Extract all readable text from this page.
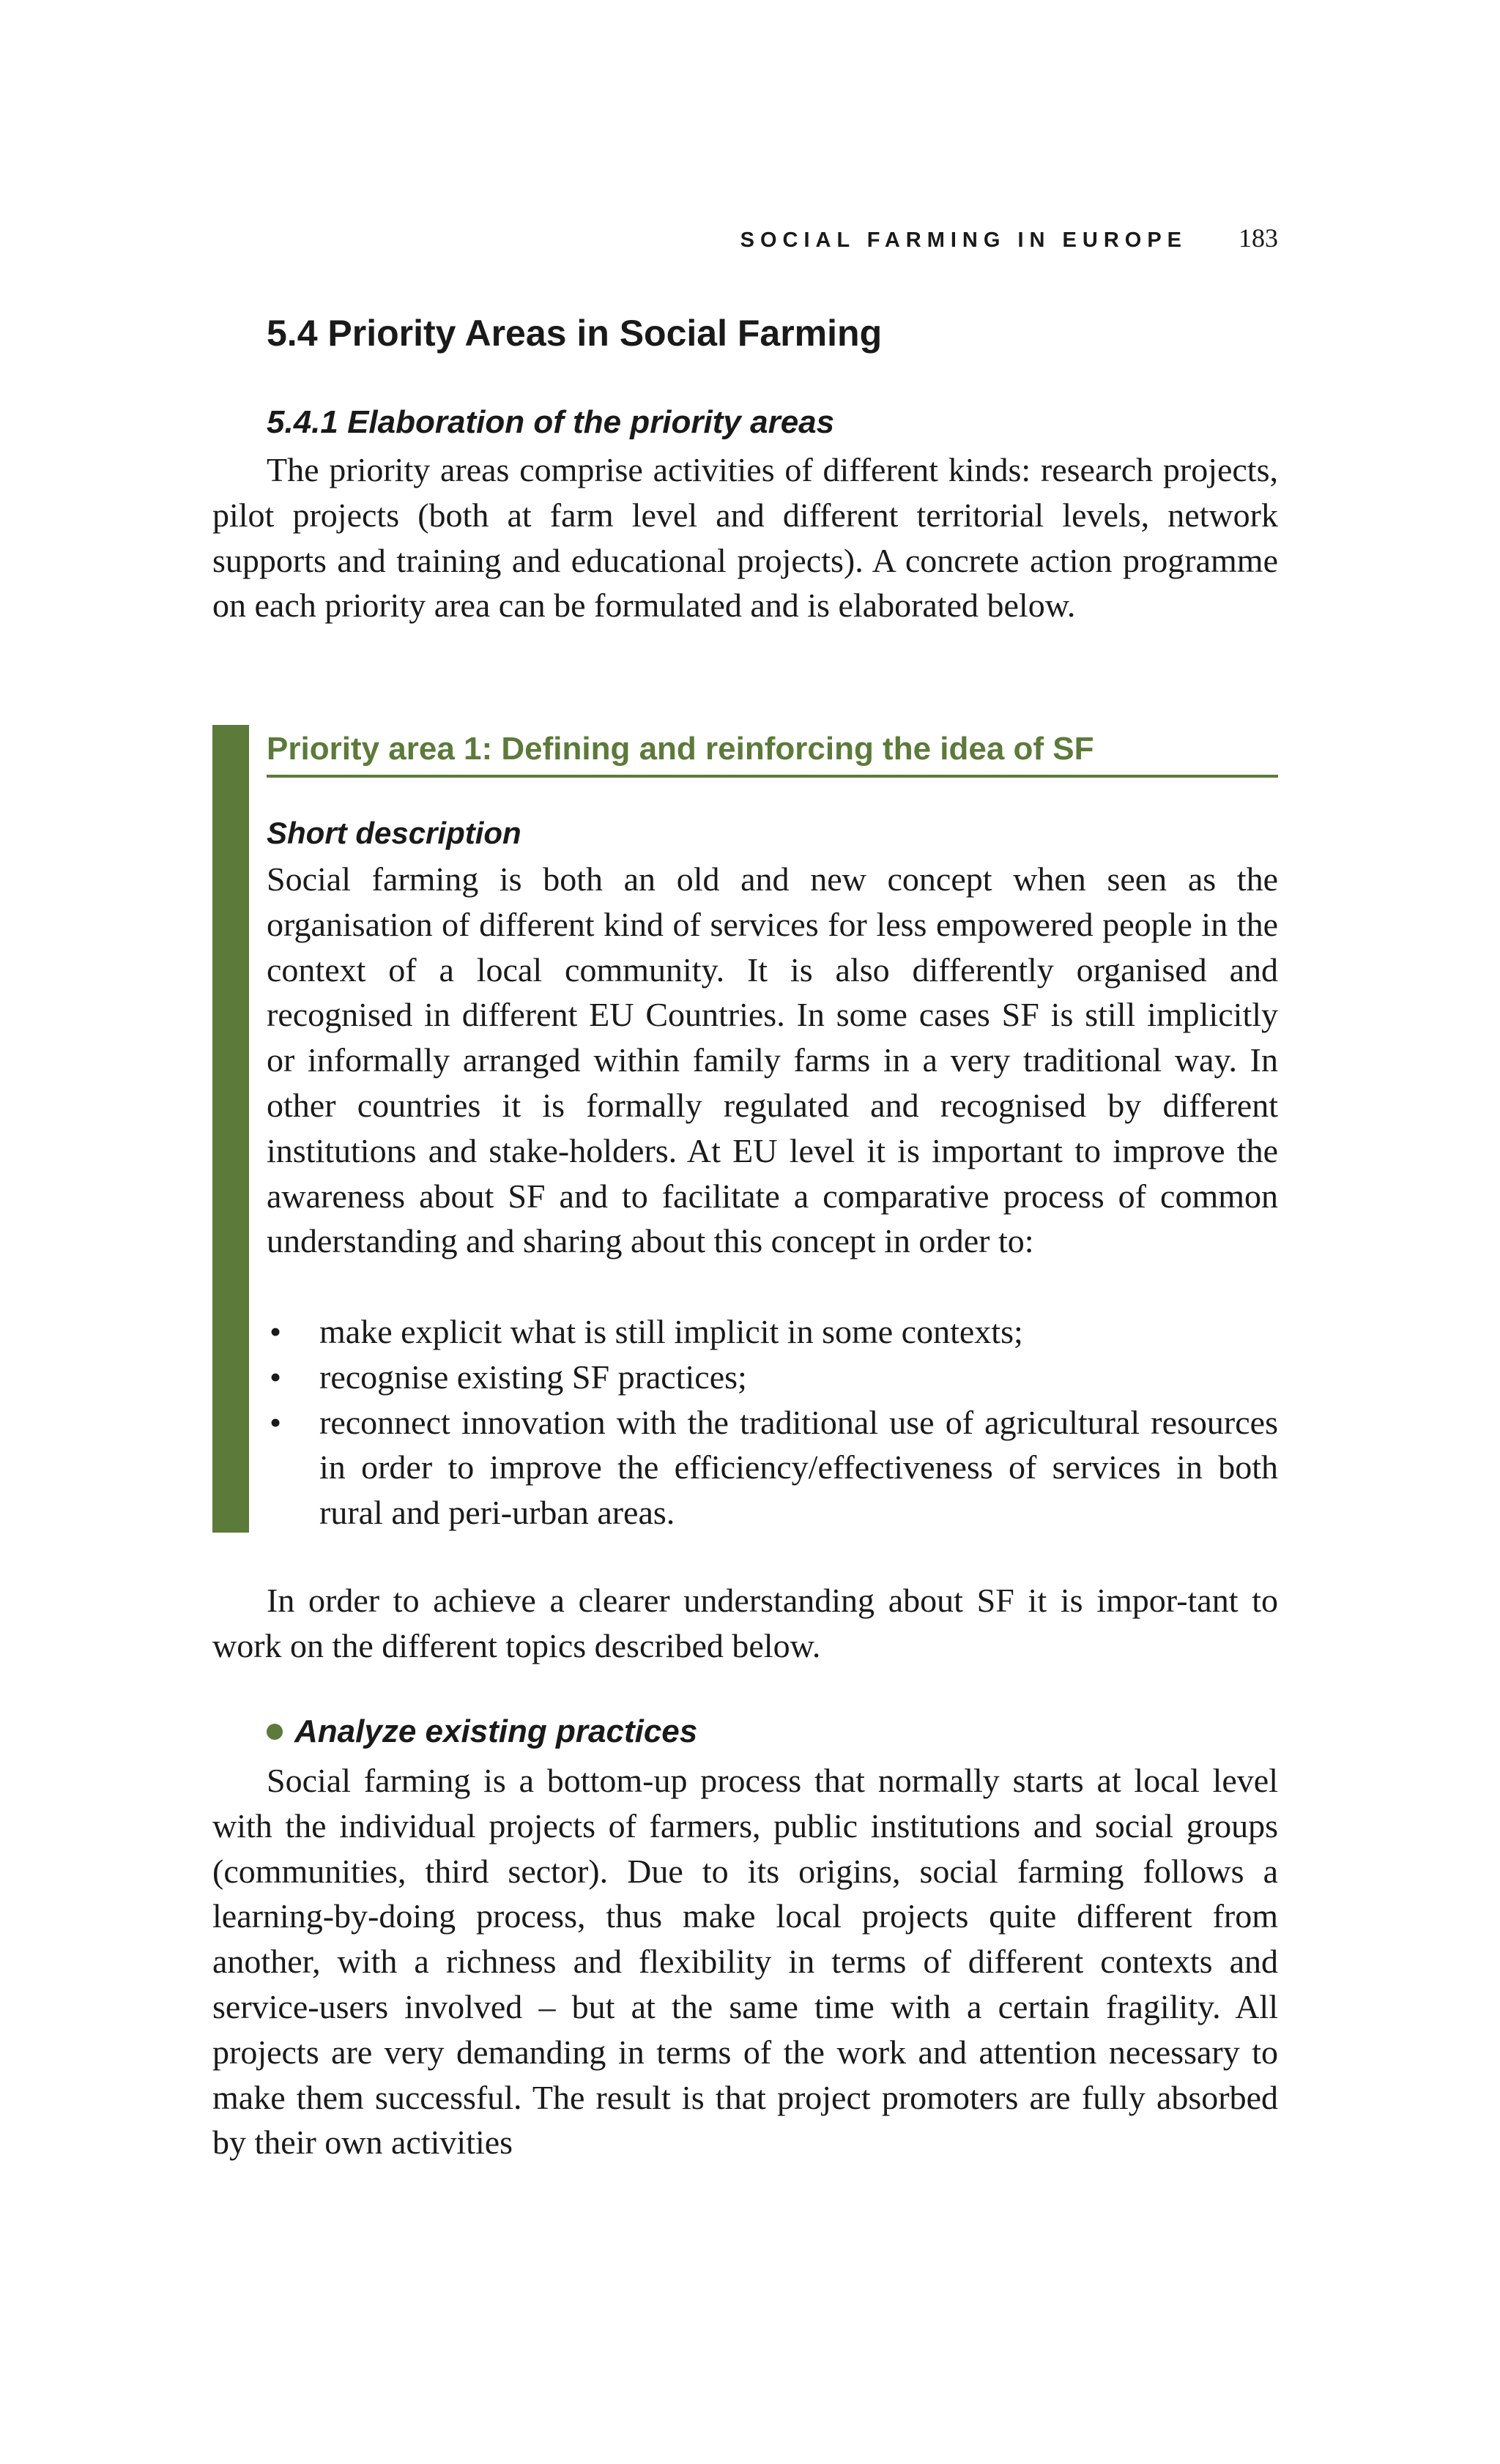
SOCIAL FARMING IN EUROPE 183
5.4 Priority Areas in Social Farming
5.4.1 Elaboration of the priority areas

The priority areas comprise activities of different kinds: research projects, pilot projects (both at farm level and different territorial levels, network supports and training and educational projects). A concrete action programme on each priority area can be formulated and is elaborated below.

Priority area 1: Defining and reinforcing the idea of SF
Short description

Social farming is both an old and new concept when seen as the organisation of different kind of services for less empowered people in the context of a local community. It is also differently organised and recognised in different EU Countries. In some cases SF is still implicitly or informally arranged within family farms in a very traditional way. In other countries it is formally regulated and recognised by different institutions and stake-holders. At EU level it is important to improve the awareness about SF and to facilitate a comparative process of common understanding and sharing about this concept in order to:

• make explicit what is still implicit in some contexts;
• recognise existing SF practices;
• reconnect innovation with the traditional use of agricultural resources in order to improve the efficiency/effectiveness of services in both rural and peri-urban areas.

In order to achieve a clearer understanding about SF it is impor-tant to work on the different topics described below.

Analyze existing practices

Social farming is a bottom-up process that normally starts at local level with the individual projects of farmers, public institutions and social groups (communities, third sector). Due to its origins, social farming follows a learning-by-doing process, thus make local projects quite different from another, with a richness and flexibility in terms of different contexts and service-users involved – but at the same time with a certain fragility. All projects are very demanding in terms of the work and attention necessary to make them successful. The result is that project promoters are fully absorbed by their own activities
